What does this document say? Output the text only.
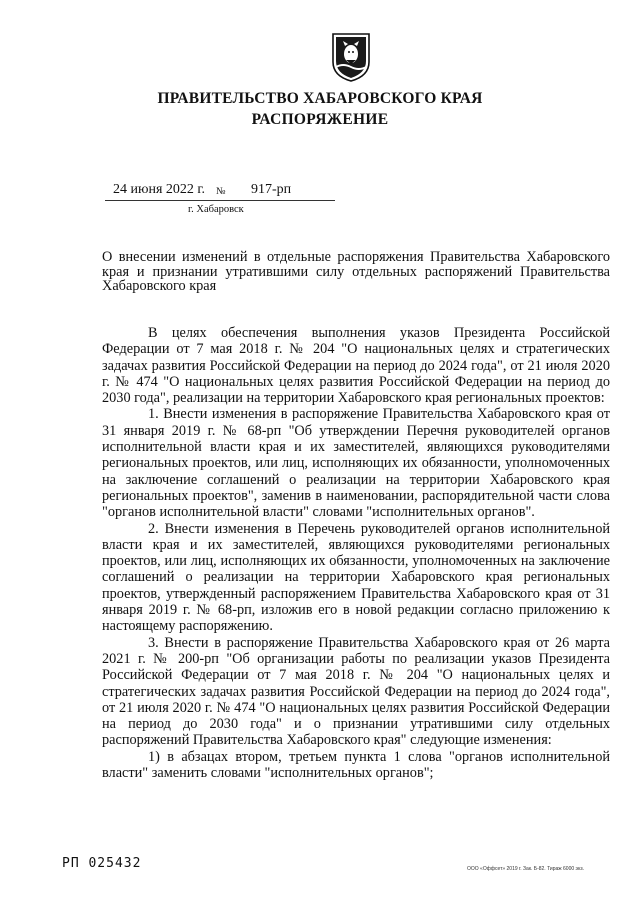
ПРАВИТЕЛЬСТВО ХАБАРОВСКОГО КРАЯ
РАСПОРЯЖЕНИЕ
24 июня 2022 г. № 917-рп
г. Хабаровск
О внесении изменений в отдельные распоряжения Правительства Хабаровского края и признании утратившими силу отдельных распоряжений Правительства Хабаровского края

В целях обеспечения выполнения указов Президента Российской Федерации от 7 мая 2018 г. № 204 "О национальных целях и стратегических задачах развития Российской Федерации на период до 2024 года", от 21 июля 2020 г. № 474 "О национальных целях развития Российской Федерации на период до 2030 года", реализации на территории Хабаровского края региональных проектов:

1. Внести изменения в распоряжение Правительства Хабаровского края от 31 января 2019 г. № 68-рп "Об утверждении Перечня руководителей органов исполнительной власти края и их заместителей, являющихся руководителями региональных проектов, или лиц, исполняющих их обязанности, уполномоченных на заключение соглашений о реализации на территории Хабаровского края региональных проектов", заменив в наименовании, распорядительной части слова "органов исполнительной власти" словами "исполнительных органов".

2. Внести изменения в Перечень руководителей органов исполнительной власти края и их заместителей, являющихся руководителями региональных проектов, или лиц, исполняющих их обязанности, уполномоченных на заключение соглашений о реализации на территории Хабаровского края региональных проектов, утвержденный распоряжением Правительства Хабаровского края от 31 января 2019 г. № 68-рп, изложив его в новой редакции согласно приложению к настоящему распоряжению.

3. Внести в распоряжение Правительства Хабаровского края от 26 марта 2021 г. № 200-рп "Об организации работы по реализации указов Президента Российской Федерации от 7 мая 2018 г. № 204 "О национальных целях и стратегических задачах развития Российской Федерации на период до 2024 года", от 21 июля 2020 г. № 474 "О национальных целях развития Российской Федерации на период до 2030 года" и о признании утратившими силу отдельных распоряжений Правительства Хабаровского края" следующие изменения:

1) в абзацах втором, третьем пункта 1 слова "органов исполнительной власти" заменить словами "исполнительных органов";

РП 025432	ООО «Оффсет» 2019 г. Зак. Б-82. Тираж 6000 экз.
